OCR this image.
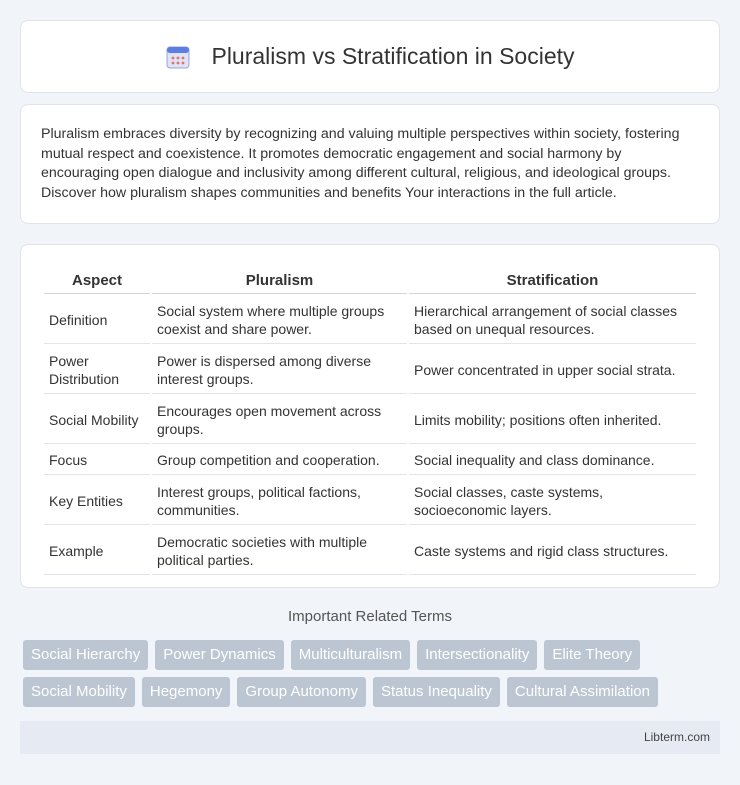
Pluralism vs Stratification in Society

Pluralism embraces diversity by recognizing and valuing multiple perspectives within society, fostering mutual respect and coexistence. It promotes democratic engagement and social harmony by encouraging open dialogue and inclusivity among different cultural, religious, and ideological groups. Discover how pluralism shapes communities and benefits Your interactions in the full article.

Aspect	Pluralism	Stratification
Definition	Social system where multiple groups coexist and share power.	Hierarchical arrangement of social classes based on unequal resources.
Power Distribution	Power is dispersed among diverse interest groups.	Power concentrated in upper social strata.
Social Mobility	Encourages open movement across groups.	Limits mobility; positions often inherited.
Focus	Group competition and cooperation.	Social inequality and class dominance.
Key Entities	Interest groups, political factions, communities.	Social classes, caste systems, socioeconomic layers.
Example	Democratic societies with multiple political parties.	Caste systems and rigid class structures.
Important Related Terms
Social Hierarchy	Power Dynamics	Multiculturalism	Intersectionality	Elite Theory
Social Mobility	Hegemony	Group Autonomy	Status Inequality	Cultural Assimilation
Libterm.com
